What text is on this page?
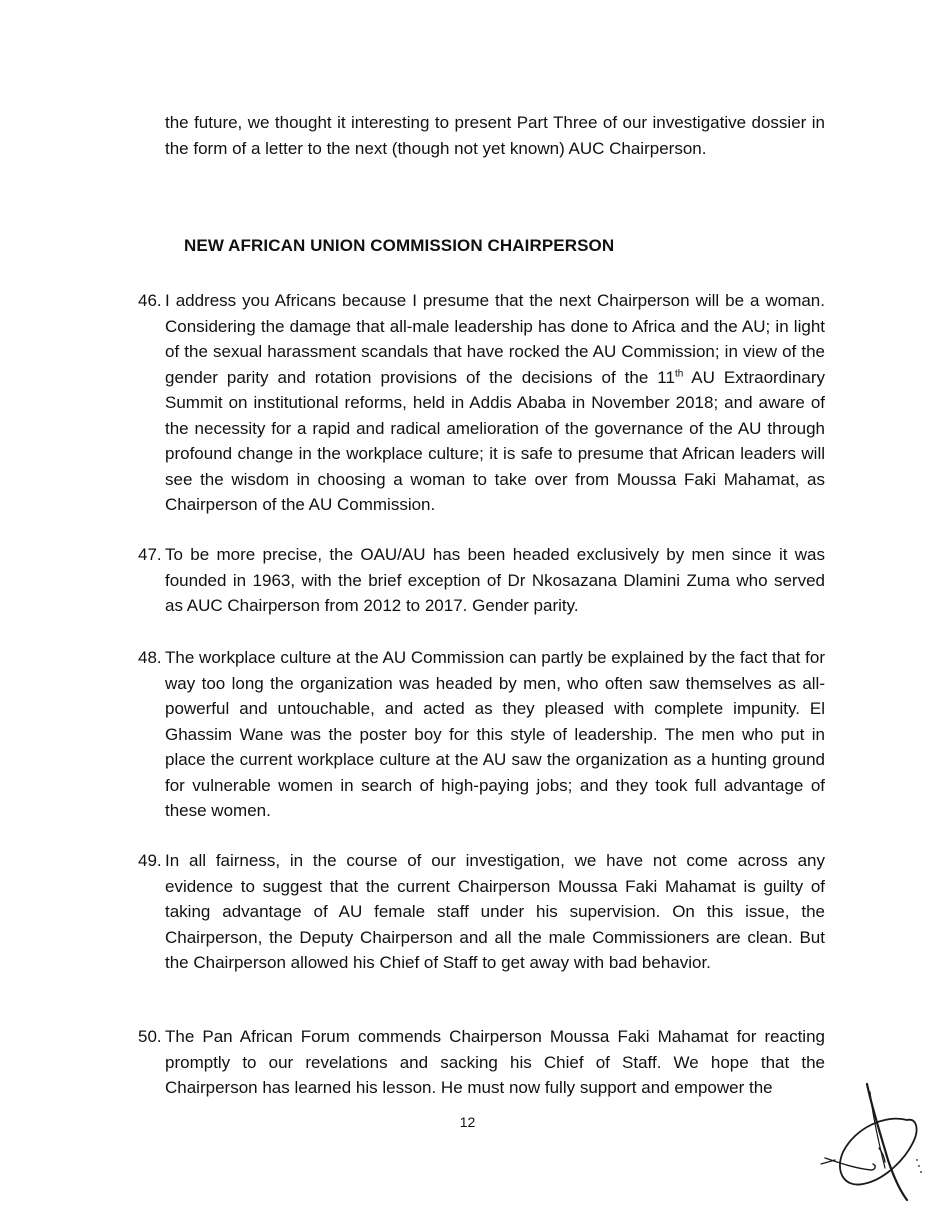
the future, we thought it interesting to present Part Three of our investigative dossier in the form of a letter to the next (though not yet known) AUC Chairperson.
NEW AFRICAN UNION COMMISSION CHAIRPERSON
46. I address you Africans because I presume that the next Chairperson will be a woman. Considering the damage that all-male leadership has done to Africa and the AU; in light of the sexual harassment scandals that have rocked the AU Commission; in view of the gender parity and rotation provisions of the decisions of the 11th AU Extraordinary Summit on institutional reforms, held in Addis Ababa in November 2018; and aware of the necessity for a rapid and radical amelioration of the governance of the AU through profound change in the workplace culture; it is safe to presume that African leaders will see the wisdom in choosing a woman to take over from Moussa Faki Mahamat, as Chairperson of the AU Commission.
47. To be more precise, the OAU/AU has been headed exclusively by men since it was founded in 1963, with the brief exception of Dr Nkosazana Dlamini Zuma who served as AUC Chairperson from 2012 to 2017. Gender parity.
48. The workplace culture at the AU Commission can partly be explained by the fact that for way too long the organization was headed by men, who often saw themselves as all-powerful and untouchable, and acted as they pleased with complete impunity. El Ghassim Wane was the poster boy for this style of leadership. The men who put in place the current workplace culture at the AU saw the organization as a hunting ground for vulnerable women in search of high-paying jobs; and they took full advantage of these women.
49. In all fairness, in the course of our investigation, we have not come across any evidence to suggest that the current Chairperson Moussa Faki Mahamat is guilty of taking advantage of AU female staff under his supervision. On this issue, the Chairperson, the Deputy Chairperson and all the male Commissioners are clean. But the Chairperson allowed his Chief of Staff to get away with bad behavior.
50. The Pan African Forum commends Chairperson Moussa Faki Mahamat for reacting promptly to our revelations and sacking his Chief of Staff. We hope that the Chairperson has learned his lesson. He must now fully support and empower the
12
